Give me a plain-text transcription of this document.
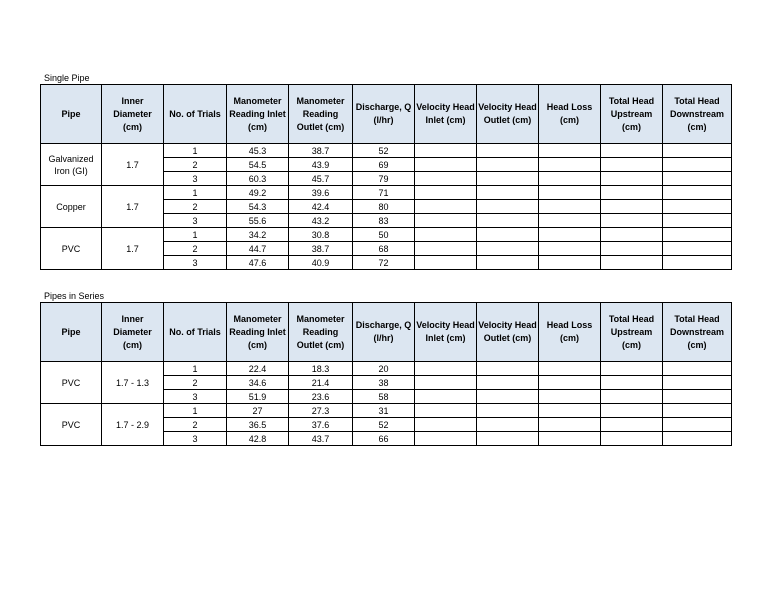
Single Pipe
Pipe	Inner Diameter (cm)	No. of Trials	Manometer Reading Inlet (cm)	Manometer Reading Outlet (cm)	Discharge, Q (l/hr)	Velocity Head Inlet (cm)	Velocity Head Outlet (cm)	Head Loss (cm)	Total Head Upstream (cm)	Total Head Downstream (cm)
Galvanized Iron (GI)	1.7	1	45.3	38.7	52					
		2	54.5	43.9	69					
		3	60.3	45.7	79					
Copper	1.7	1	49.2	39.6	71					
		2	54.3	42.4	80					
		3	55.6	43.2	83					
PVC	1.7	1	34.2	30.8	50					
		2	44.7	38.7	68					
		3	47.6	40.9	72					
Pipes in Series
Pipe	Inner Diameter (cm)	No. of Trials	Manometer Reading Inlet (cm)	Manometer Reading Outlet (cm)	Discharge, Q (l/hr)	Velocity Head Inlet (cm)	Velocity Head Outlet (cm)	Head Loss (cm)	Total Head Upstream (cm)	Total Head Downstream (cm)
PVC	1.7 - 1.3	1	22.4	18.3	20					
		2	34.6	21.4	38					
		3	51.9	23.6	58					
PVC	1.7 - 2.9	1	27	27.3	31					
		2	36.5	37.6	52					
		3	42.8	43.7	66					
